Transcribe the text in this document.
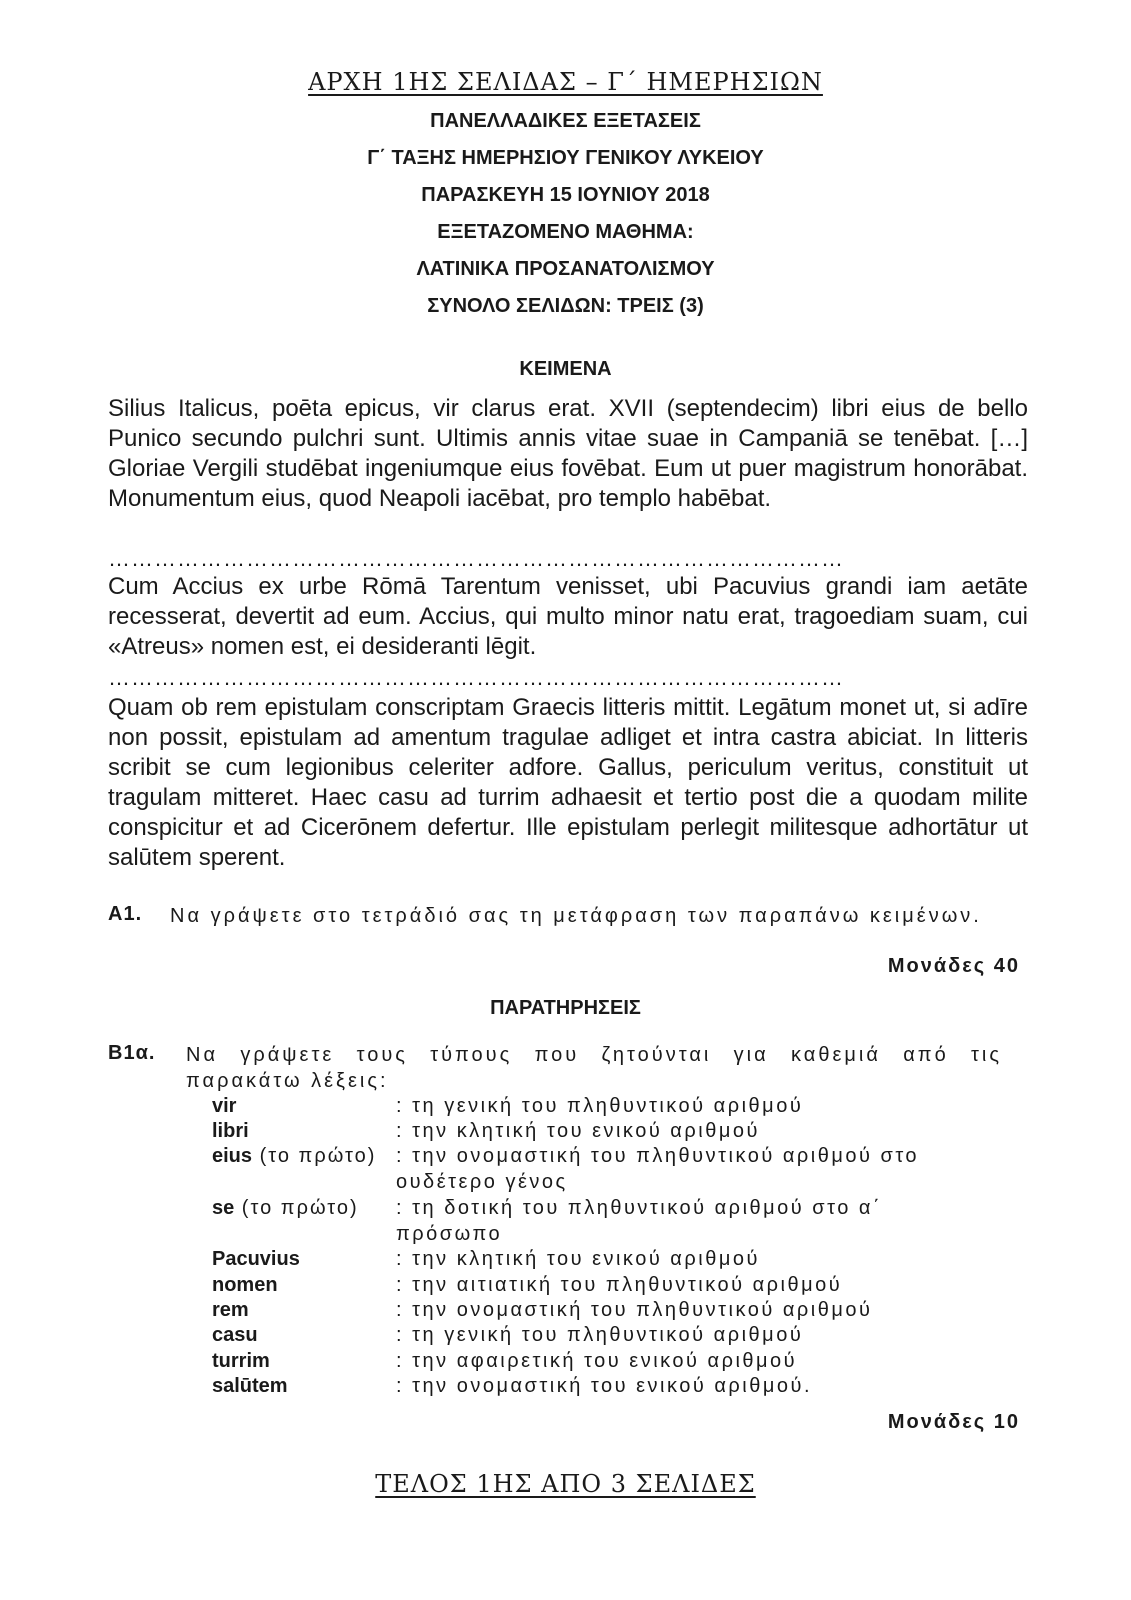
ΑΡΧΗ 1ΗΣ ΣΕΛΙΔΑΣ – Γ΄ ΗΜΕΡΗΣΙΩΝ
ΠΑΝΕΛΛΑΔΙΚΕΣ ΕΞΕΤΑΣΕΙΣ
Γ΄ ΤΑΞΗΣ ΗΜΕΡΗΣΙΟΥ ΓΕΝΙΚΟΥ ΛΥΚΕΙΟΥ
ΠΑΡΑΣΚΕΥΗ 15 ΙΟΥΝΙΟΥ 2018
ΕΞΕΤΑΖΟΜΕΝΟ ΜΑΘΗΜΑ:
ΛΑΤΙΝΙΚΑ ΠΡΟΣΑΝΑΤΟΛΙΣΜΟΥ
ΣΥΝΟΛΟ ΣΕΛΙΔΩΝ: ΤΡΕΙΣ (3)
ΚΕΙΜΕΝΑ
Silius Italicus, poēta epicus, vir clarus erat. XVII (septendecim) libri eius de bello Punico secundo pulchri sunt. Ultimis annis vitae suae in Campaniā se tenēbat. […] Gloriae Vergili studēbat ingeniumque eius fovēbat. Eum ut puer magistrum honorābat. Monumentum eius, quod Neapoli iacēbat, pro templo habēbat.
……………………………………………………………………………………
Cum Accius ex urbe Rōmā Tarentum venisset, ubi Pacuvius grandi iam aetāte recesserat, devertit ad eum. Accius, qui multo minor natu erat, tragoediam suam, cui «Atreus» nomen est, ei desideranti lēgit.
……………………………………………………………………………………
Quam ob rem epistulam conscriptam Graecis litteris mittit. Legātum monet ut, si adīre non possit, epistulam ad amentum tragulae adliget et intra castra abiciat. In litteris scribit se cum legionibus celeriter adfore. Gallus, periculum veritus, constituit ut tragulam mitteret. Haec casu ad turrim adhaesit et tertio post die a quodam milite conspicitur et ad Cicerōnem defertur. Ille epistulam perlegit militesque adhortātur ut salūtem sperent.
Να γράψετε στο τετράδιό σας τη μετάφραση των παραπάνω κειμένων.
Α1.
Μονάδες 40
ΠΑΡΑΤΗΡΗΣΕΙΣ
Β1α. Να γράψετε τους τύπους που ζητούνται για καθεμιά από τις παρακάτω λέξεις:
vir	: τη γενική του πληθυντικού αριθμού
libri	: την κλητική του ενικού αριθμού
eius (το πρώτο) : την ονομαστική του πληθυντικού αριθμού στο ουδέτερο γένος
se (το πρώτο) : τη δοτική του πληθυντικού αριθμού στο α΄ πρόσωπο
Pacuvius	: την κλητική του ενικού αριθμού
nomen	: την αιτιατική του πληθυντικού αριθμού
rem	: την ονομαστική του πληθυντικού αριθμού
casu	: τη γενική του πληθυντικού αριθμού
turrim	: την αφαιρετική του ενικού αριθμού
salūtem	: την ονομαστική του ενικού αριθμού.
Μονάδες 10
ΤΕΛΟΣ 1ΗΣ ΑΠΟ 3 ΣΕΛΙΔΕΣ
